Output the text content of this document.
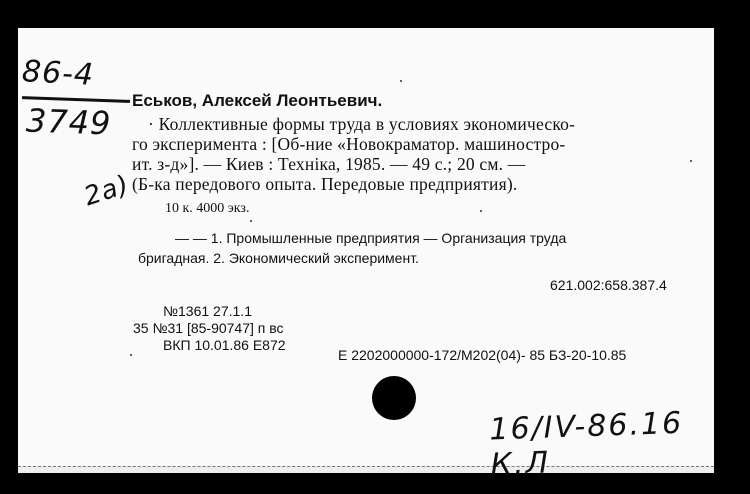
86-4
3749
2а)
Еськов, Алексей Леонтьевич.
· Коллективные формы труда в условиях экономическо-
го эксперимента : [Об-ние «Новокраматор. машиностро-
ит. з-д»]. — Киев : Техніка, 1985. — 49 с.; 20 см. —
(Б-ка передового опыта. Передовые предприятия).
10 к. 4000 экз.
— — 1. Промышленные предприятия — Организация труда
бригадная. 2. Экономический эксперимент.
621.002:658.387.4
№1361 27.1.1
35 №31 [85-90747] п вс
ВКП 10.01.86 Е872
Е 2202000000-172/М202(04)- 85 БЗ-20-10.85
16/IV-86.16 К.Л
